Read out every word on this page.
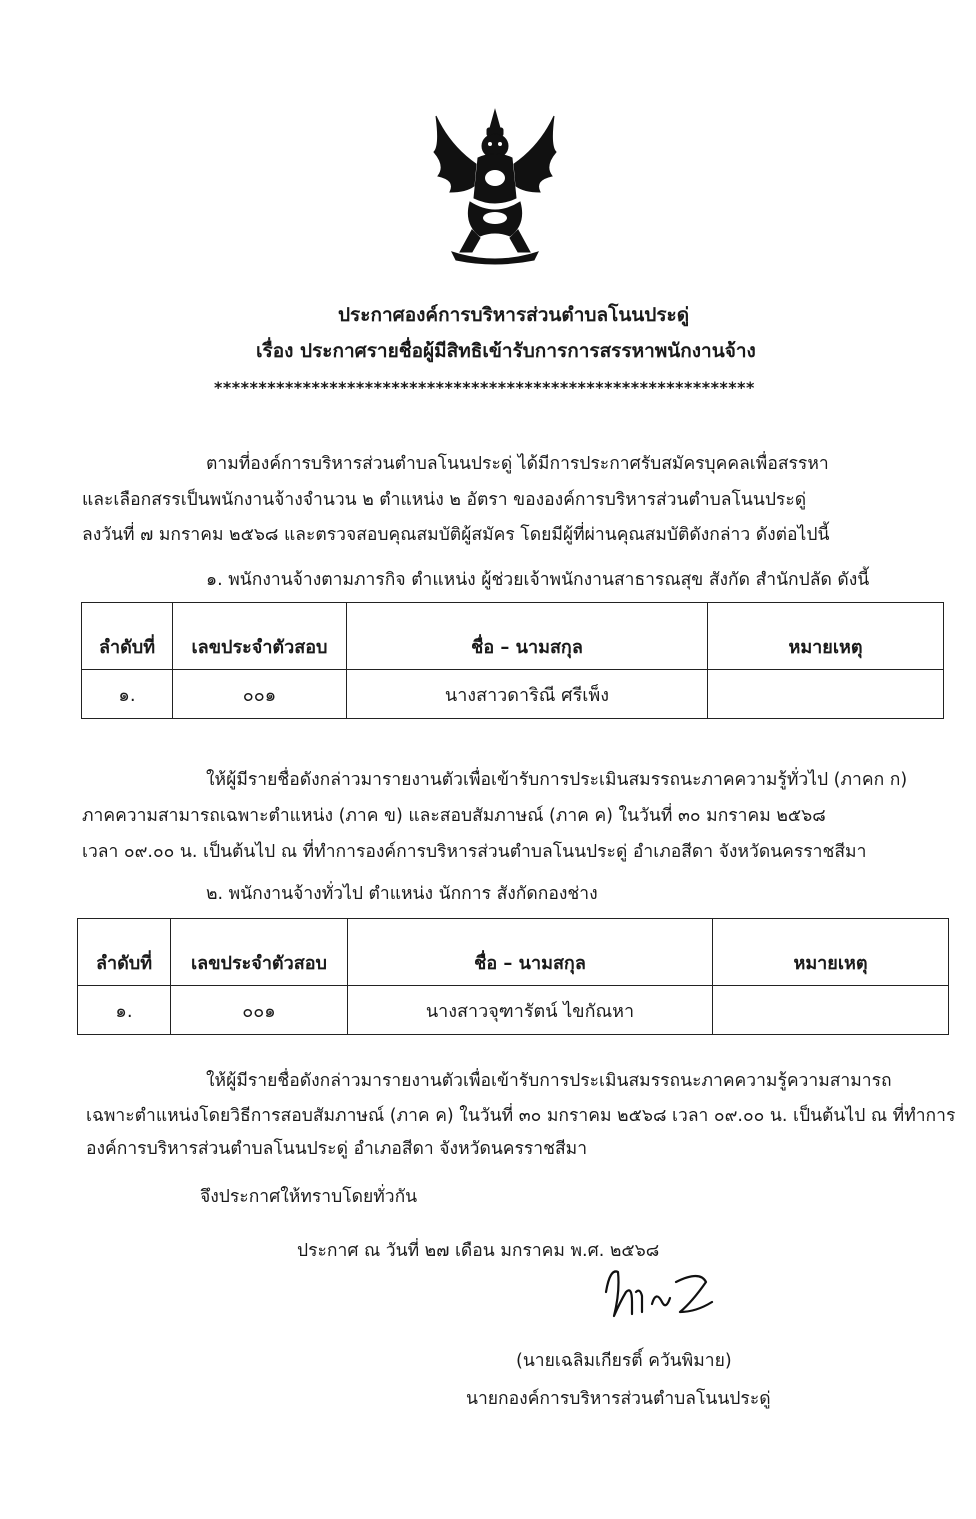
ประกาศองค์การบริหารส่วนตำบลโนนประดู่
เรื่อง ประกาศรายชื่อผู้มีสิทธิเข้ารับการการสรรหาพนักงานจ้าง
*************************************************************
ตามที่องค์การบริหารส่วนตำบลโนนประดู่ ได้มีการประกาศรับสมัครบุคคลเพื่อสรรหา
และเลือกสรรเป็นพนักงานจ้างจำนวน ๒ ตำแหน่ง ๒ อัตรา ขององค์การบริหารส่วนตำบลโนนประดู่
ลงวันที่ ๗ มกราคม ๒๕๖๘ และตรวจสอบคุณสมบัติผู้สมัคร โดยมีผู้ที่ผ่านคุณสมบัติดังกล่าว ดังต่อไปนี้
๑. พนักงานจ้างตามภารกิจ ตำแหน่ง ผู้ช่วยเจ้าพนักงานสาธารณสุข สังกัด สำนักปลัด ดังนี้
ลำดับที่	เลขประจำตัวสอบ	ชื่อ – นามสกุล	หมายเหตุ
๑.	๐๐๑	นางสาวดาริณี ศรีเพ็ง	
ให้ผู้มีรายชื่อดังกล่าวมารายงานตัวเพื่อเข้ารับการประเมินสมรรถนะภาคความรู้ทั่วไป (ภาคก ก)
ภาคความสามารถเฉพาะตำแหน่ง (ภาค ข) และสอบสัมภาษณ์ (ภาค ค) ในวันที่ ๓๐ มกราคม ๒๕๖๘
เวลา ๐๙.๐๐ น. เป็นต้นไป ณ ที่ทำการองค์การบริหารส่วนตำบลโนนประดู่ อำเภอสีดา จังหวัดนครราชสีมา
๒. พนักงานจ้างทั่วไป ตำแหน่ง นักการ สังกัดกองช่าง
ลำดับที่	เลขประจำตัวสอบ	ชื่อ – นามสกุล	หมายเหตุ
๑.	๐๐๑	นางสาวจุฑารัตน์ ไขกัณหา	
ให้ผู้มีรายชื่อดังกล่าวมารายงานตัวเพื่อเข้ารับการประเมินสมรรถนะภาคความรู้ความสามารถ
เฉพาะตำแหน่งโดยวิธีการสอบสัมภาษณ์ (ภาค ค) ในวันที่ ๓๐ มกราคม ๒๕๖๘ เวลา ๐๙.๐๐ น. เป็นต้นไป ณ ที่ทำการ
องค์การบริหารส่วนตำบลโนนประดู่ อำเภอสีดา จังหวัดนครราชสีมา
จึงประกาศให้ทราบโดยทั่วกัน
ประกาศ ณ วันที่ ๒๗ เดือน มกราคม พ.ศ. ๒๕๖๘
(นายเฉลิมเกียรติ์ ควันพิมาย)
นายกองค์การบริหารส่วนตำบลโนนประดู่
